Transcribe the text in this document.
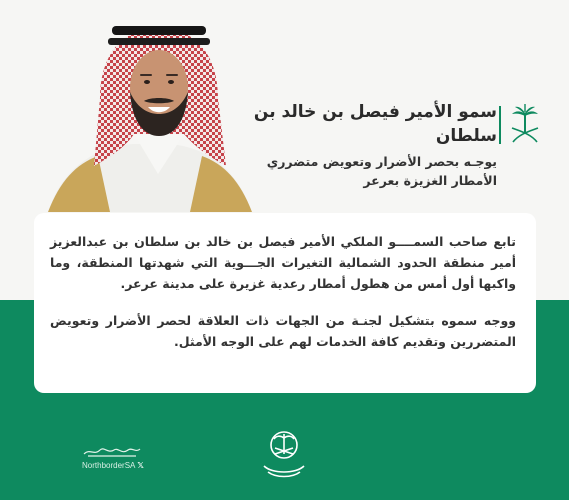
سمو الأمير فيصل بن خالد بن سلطان
يوجـه بحصر الأضرار وتعويض متضرري
الأمطار الغزيزة بعرعر

تابع صاحب السمــــو الملكي الأمير فيصل بن خالد بن سلطان بن عبدالعزيز أمير منطقة الحدود الشمالية التغيرات الجـــوية التي شهدتها المنطقة، وما واكبها أول أمس من هطول أمطار رعدية غزيرة على مدينة عرعر.

ووجه سموه بتشكيل لجنـة من الجهات ذات العلاقة لحصر الأضرار وتعويض المتضررين وتقديم كافة الخدمات لهم على الوجه الأمثل.

NorthborderSA 𝕏
